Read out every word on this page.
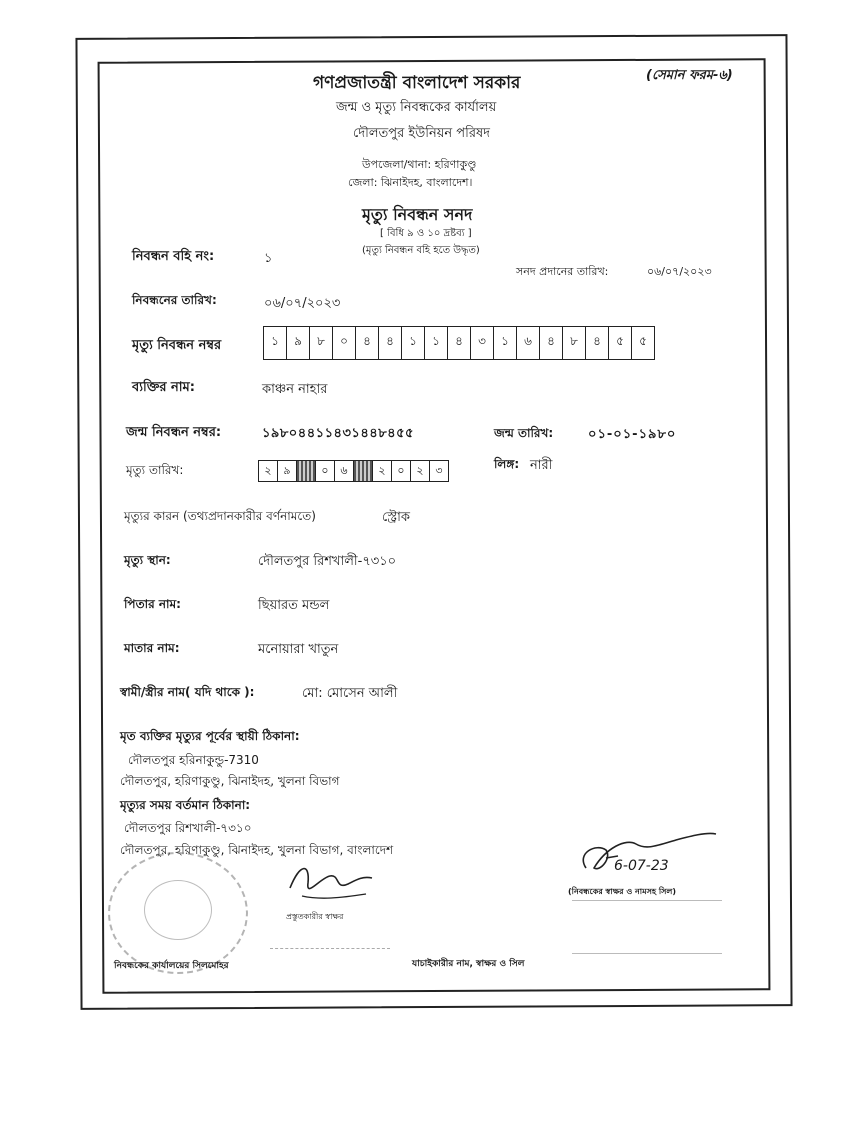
(সেমান ফরম-৬)
গণপ্রজাতন্ত্রী বাংলাদেশ সরকার
জন্ম ও মৃত্যু নিবন্ধকের কার্যালয়
দৌলতপুর ইউনিয়ন পরিষদ
উপজেলা/থানা: হরিণাকুণ্ডু
জেলা: ঝিনাইদহ, বাংলাদেশ।
মৃত্যু নিবন্ধন সনদ
[ বিধি ৯ ও ১০ দ্রষ্টব্য ]
(মৃত্যু নিবন্ধন বহি হতে উদ্ধৃত)
নিবন্ধন বহি নং:	১
সনদ প্রদানের তারিখ:	০৬/০৭/২০২৩
নিবন্ধনের তারিখ:	০৬/০৭/২০২৩
মৃত্যু নিবন্ধন নম্বর	১	৯	৮	০	৪	৪	১	১	৪	৩	১	৬	৪	৮	৪	৫	৫
ব্যক্তির নাম:	কাঞ্চন নাহার
জন্ম নিবন্ধন নম্বর:	১৯৮০৪৪১১৪৩১৪৪৮৪৫৫	জন্ম তারিখ:	০১-০১-১৯৮০
লিঙ্গ: নারী
মৃত্যু তারিখ:	২	৯	০	৬	২	০	২	৩
মৃত্যুর কারন (তথ্যপ্রদানকারীর বর্ণনামতে)	স্ট্রোক
মৃত্যু স্থান:	দৌলতপুর রিশখালী-৭৩১০
পিতার নাম:	ছিয়ারত মন্ডল
মাতার নাম:	মনোয়ারা খাতুন
স্বামী/স্ত্রীর নাম( যদি থাকে ):	মো: মোসেন আলী
মৃত ব্যক্তির মৃত্যুর পূর্বের স্থায়ী ঠিকানা:
দৌলতপুর হরিনাকুন্ডু-7310
দৌলতপুর, হরিণাকুণ্ডু, ঝিনাইদহ, খুলনা বিভাগ
মৃত্যুর সময় বর্তমান ঠিকানা:
দৌলতপুর রিশখালী-৭৩১০
দৌলতপুর, হরিণাকুণ্ডু, ঝিনাইদহ, খুলনা বিভাগ, বাংলাদেশ
প্রস্তুতকারীর স্বাক্ষর
6-07-23
(নিবন্ধকের স্বাক্ষর ও নামসহ সিল)
নিবন্ধকের কার্যালয়ের সিলমোহর	যাচাইকারীর নাম, স্বাক্ষর ও সিল
